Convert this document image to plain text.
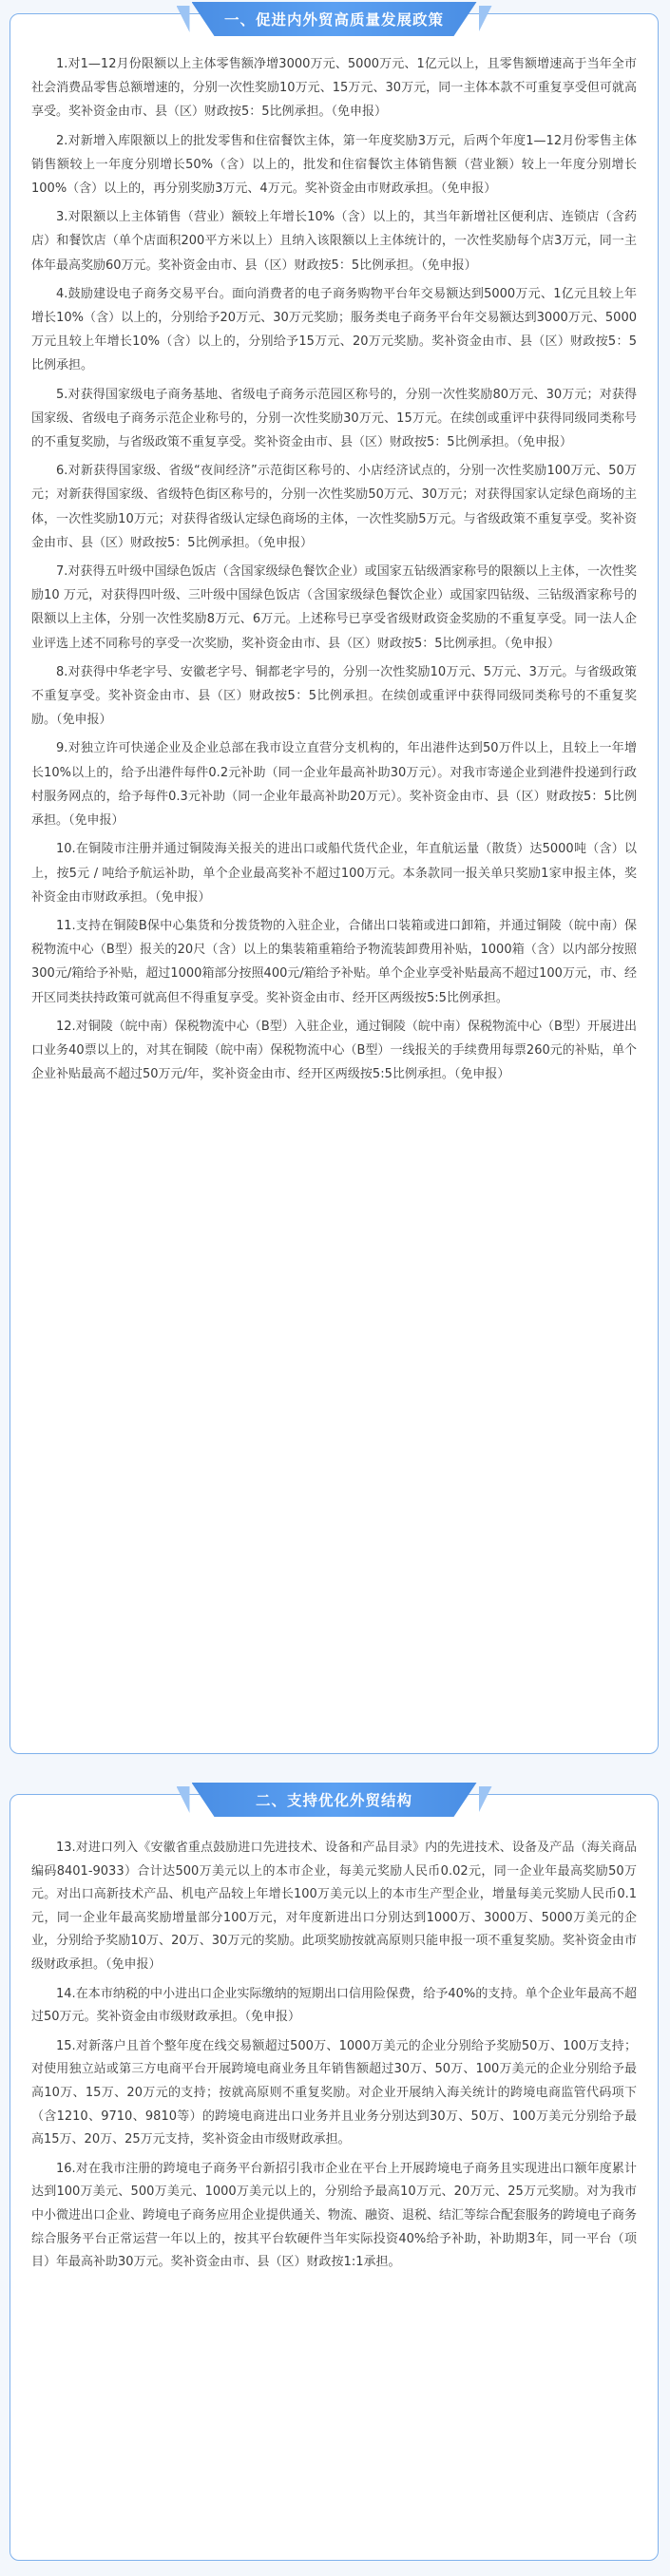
一、促进内外贸高质量发展政策

1.对1—12月份限额以上主体零售额净增3000万元、5000万元、1亿元以上，且零售额增速高于当年全市社会消费品零售总额增速的，分别一次性奖励10万元、15万元、30万元，同一主体本款不可重复享受但可就高享受。奖补资金由市、县（区）财政按5：5比例承担。（免申报）

2.对新增入库限额以上的批发零售和住宿餐饮主体，第一年度奖励3万元，后两个年度1—12月份零售主体销售额较上一年度分别增长50%（含）以上的，批发和住宿餐饮主体销售额（营业额）较上一年度分别增长100%（含）以上的，再分别奖励3万元、4万元。奖补资金由市财政承担。（免申报）

3.对限额以上主体销售（营业）额较上年增长10%（含）以上的，其当年新增社区便利店、连锁店（含药店）和餐饮店（单个店面积200平方米以上）且纳入该限额以上主体统计的，一次性奖励每个店3万元，同一主体年最高奖励60万元。奖补资金由市、县（区）财政按5：5比例承担。（免申报）

4.鼓励建设电子商务交易平台。面向消费者的电子商务购物平台年交易额达到5000万元、1亿元且较上年增长10%（含）以上的，分别给予20万元、30万元奖励；服务类电子商务平台年交易额达到3000万元、5000万元且较上年增长10%（含）以上的，分别给予15万元、20万元奖励。奖补资金由市、县（区）财政按5：5比例承担。

5.对获得国家级电子商务基地、省级电子商务示范园区称号的，分别一次性奖励80万元、30万元；对获得国家级、省级电子商务示范企业称号的，分别一次性奖励30万元、15万元。在续创或重评中获得同级同类称号的不重复奖励，与省级政策不重复享受。奖补资金由市、县（区）财政按5：5比例承担。（免申报）

6.对新获得国家级、省级“夜间经济”示范街区称号的、小店经济试点的，分别一次性奖励100万元、50万元；对新获得国家级、省级特色街区称号的，分别一次性奖励50万元、30万元；对获得国家认定绿色商场的主体，一次性奖励10万元；对获得省级认定绿色商场的主体，一次性奖励5万元。与省级政策不重复享受。奖补资金由市、县（区）财政按5：5比例承担。（免申报）

7.对获得五叶级中国绿色饭店（含国家级绿色餐饮企业）或国家五钻级酒家称号的限额以上主体，一次性奖励10 万元，对获得四叶级、三叶级中国绿色饭店（含国家级绿色餐饮企业）或国家四钻级、三钻级酒家称号的限额以上主体，分别一次性奖励8万元、6万元。上述称号已享受省级财政资金奖励的不重复享受。同一法人企业评选上述不同称号的享受一次奖励，奖补资金由市、县（区）财政按5：5比例承担。（免申报）

8.对获得中华老字号、安徽老字号、铜都老字号的，分别一次性奖励10万元、5万元、3万元。与省级政策不重复享受。奖补资金由市、县（区）财政按5：5比例承担。在续创或重评中获得同级同类称号的不重复奖励。（免申报）

9.对独立许可快递企业及企业总部在我市设立直营分支机构的，年出港件达到50万件以上，且较上一年增长10%以上的，给予出港件每件0.2元补助（同一企业年最高补助30万元）。对我市寄递企业到港件投递到行政村服务网点的，给予每件0.3元补助（同一企业年最高补助20万元）。奖补资金由市、县（区）财政按5：5比例承担。（免申报）

10.在铜陵市注册并通过铜陵海关报关的进出口或船代货代企业，年直航运量（散货）达5000吨（含）以上，按5元 / 吨给予航运补助，单个企业最高奖补不超过100万元。本条款同一报关单只奖励1家申报主体，奖补资金由市财政承担。（免申报）

11.支持在铜陵B保中心集货和分拨货物的入驻企业，合储出口装箱或进口卸箱，并通过铜陵（皖中南）保税物流中心（B型）报关的20尺（含）以上的集装箱重箱给予物流装卸费用补贴，1000箱（含）以内部分按照300元/箱给予补贴，超过1000箱部分按照400元/箱给予补贴。单个企业享受补贴最高不超过100万元，市、经开区同类扶持政策可就高但不得重复享受。奖补资金由市、经开区两级按5:5比例承担。

12.对铜陵（皖中南）保税物流中心（B型）入驻企业，通过铜陵（皖中南）保税物流中心（B型）开展进出口业务40票以上的，对其在铜陵（皖中南）保税物流中心（B型）一线报关的手续费用每票260元的补贴，单个企业补贴最高不超过50万元/年，奖补资金由市、经开区两级按5:5比例承担。（免申报）

二、支持优化外贸结构

13.对进口列入《安徽省重点鼓励进口先进技术、设备和产品目录》内的先进技术、设备及产品（海关商品编码8401-9033）合计达500万美元以上的本市企业，每美元奖励人民币0.02元，同一企业年最高奖励50万元。对出口高新技术产品、机电产品较上年增长100万美元以上的本市生产型企业，增量每美元奖励人民币0.1元，同一企业年最高奖励增量部分100万元，对年度新进出口分别达到1000万、3000万、5000万美元的企业，分别给予奖励10万、20万、30万元的奖励。此项奖励按就高原则只能申报一项不重复奖励。奖补资金由市级财政承担。（免申报）

14.在本市纳税的中小进出口企业实际缴纳的短期出口信用险保费，给予40%的支持。单个企业年最高不超过50万元。奖补资金由市级财政承担。（免申报）

15.对新落户且首个整年度在线交易额超过500万、1000万美元的企业分别给予奖励50万、100万支持；对使用独立站或第三方电商平台开展跨境电商业务且年销售额超过30万、50万、100万美元的企业分别给予最高10万、15万、20万元的支持；按就高原则不重复奖励。对企业开展纳入海关统计的跨境电商监管代码项下（含1210、9710、9810等）的跨境电商进出口业务并且业务分别达到30万、50万、100万美元分别给予最高15万、20万、25万元支持，奖补资金由市级财政承担。

16.对在我市注册的跨境电子商务平台新招引我市企业在平台上开展跨境电子商务且实现进出口额年度累计达到100万美元、500万美元、1000万美元以上的，分别给予最高10万元、20万元、25万元奖励。对为我市中小微进出口企业、跨境电子商务应用企业提供通关、物流、融资、退税、结汇等综合配套服务的跨境电子商务综合服务平台正常运营一年以上的，按其平台软硬件当年实际投资40%给予补助，补助期3年，同一平台（项目）年最高补助30万元。奖补资金由市、县（区）财政按1:1承担。
